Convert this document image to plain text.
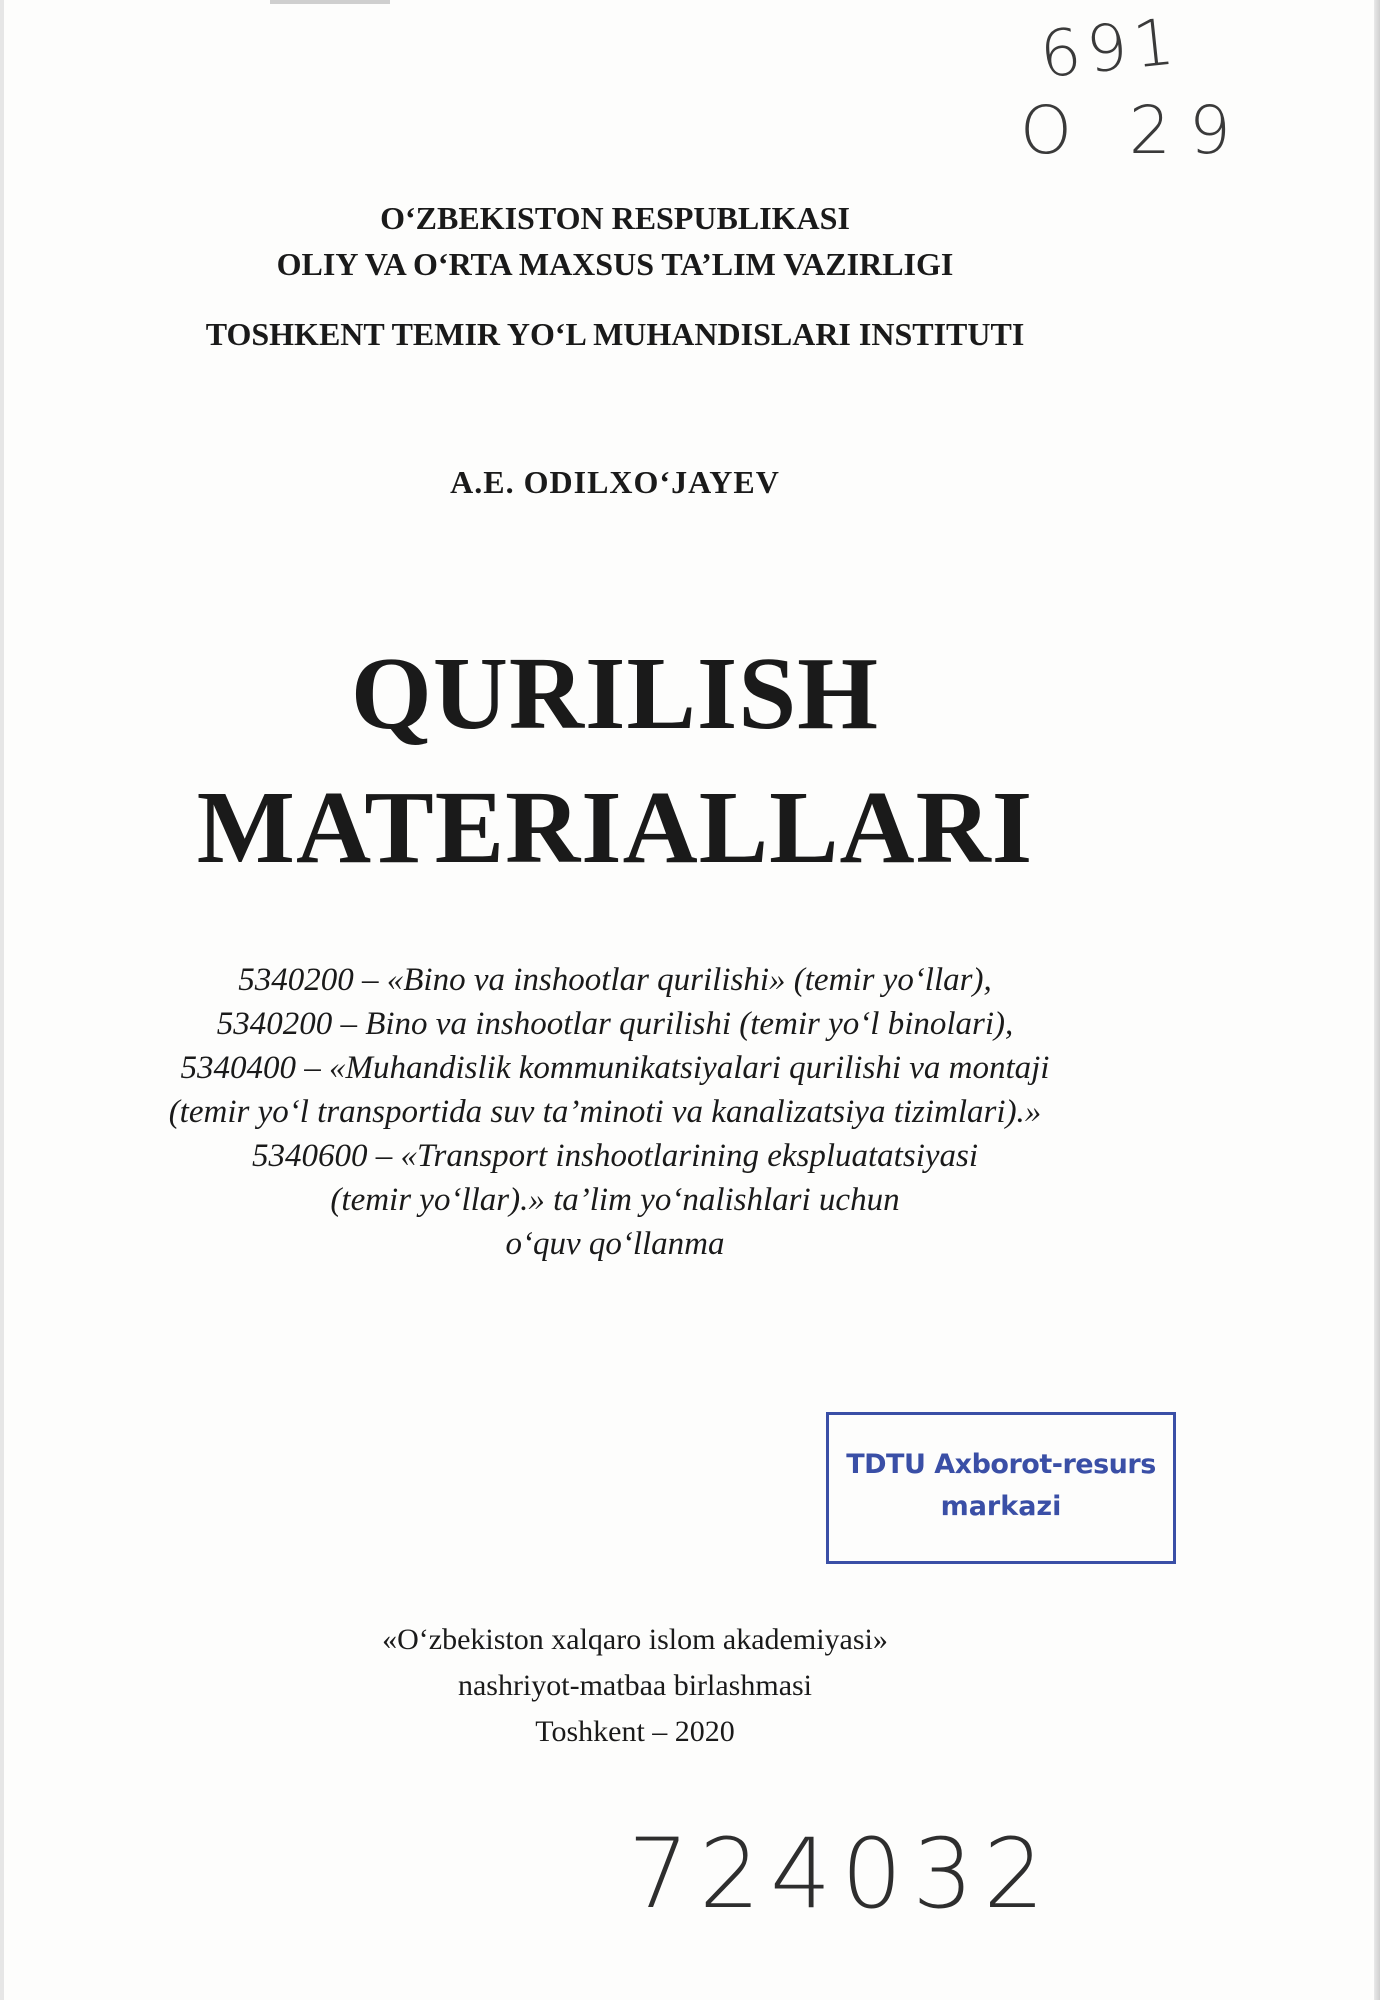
691
O 29
O‘ZBEKISTON RESPUBLIKASI
OLIY VA O‘RTA MAXSUS TA’LIM VAZIRLIGI
TOSHKENT TEMIR YO‘L MUHANDISLARI INSTITUTI
A.E. ODILXO‘JAYEV
QURILISH
MATERIALLARI
5340200 – «Bino va inshootlar qurilishi» (temir yo‘llar),
5340200 – Bino va inshootlar qurilishi (temir yo‘l binolari),
5340400 – «Muhandislik kommunikatsiyalari qurilishi va montaji
(temir yo‘l transportida suv ta’minoti va kanalizatsiya tizimlari).»
5340600 – «Transport inshootlarining ekspluatatsiyasi
(temir yo‘llar).» ta’lim yo‘nalishlari uchun
o‘quv qo‘llanma
TDTU Axborot-resurs
markazi
«O‘zbekiston xalqaro islom akademiyasi»
nashriyot-matbaa birlashmasi
Toshkent – 2020
724032
